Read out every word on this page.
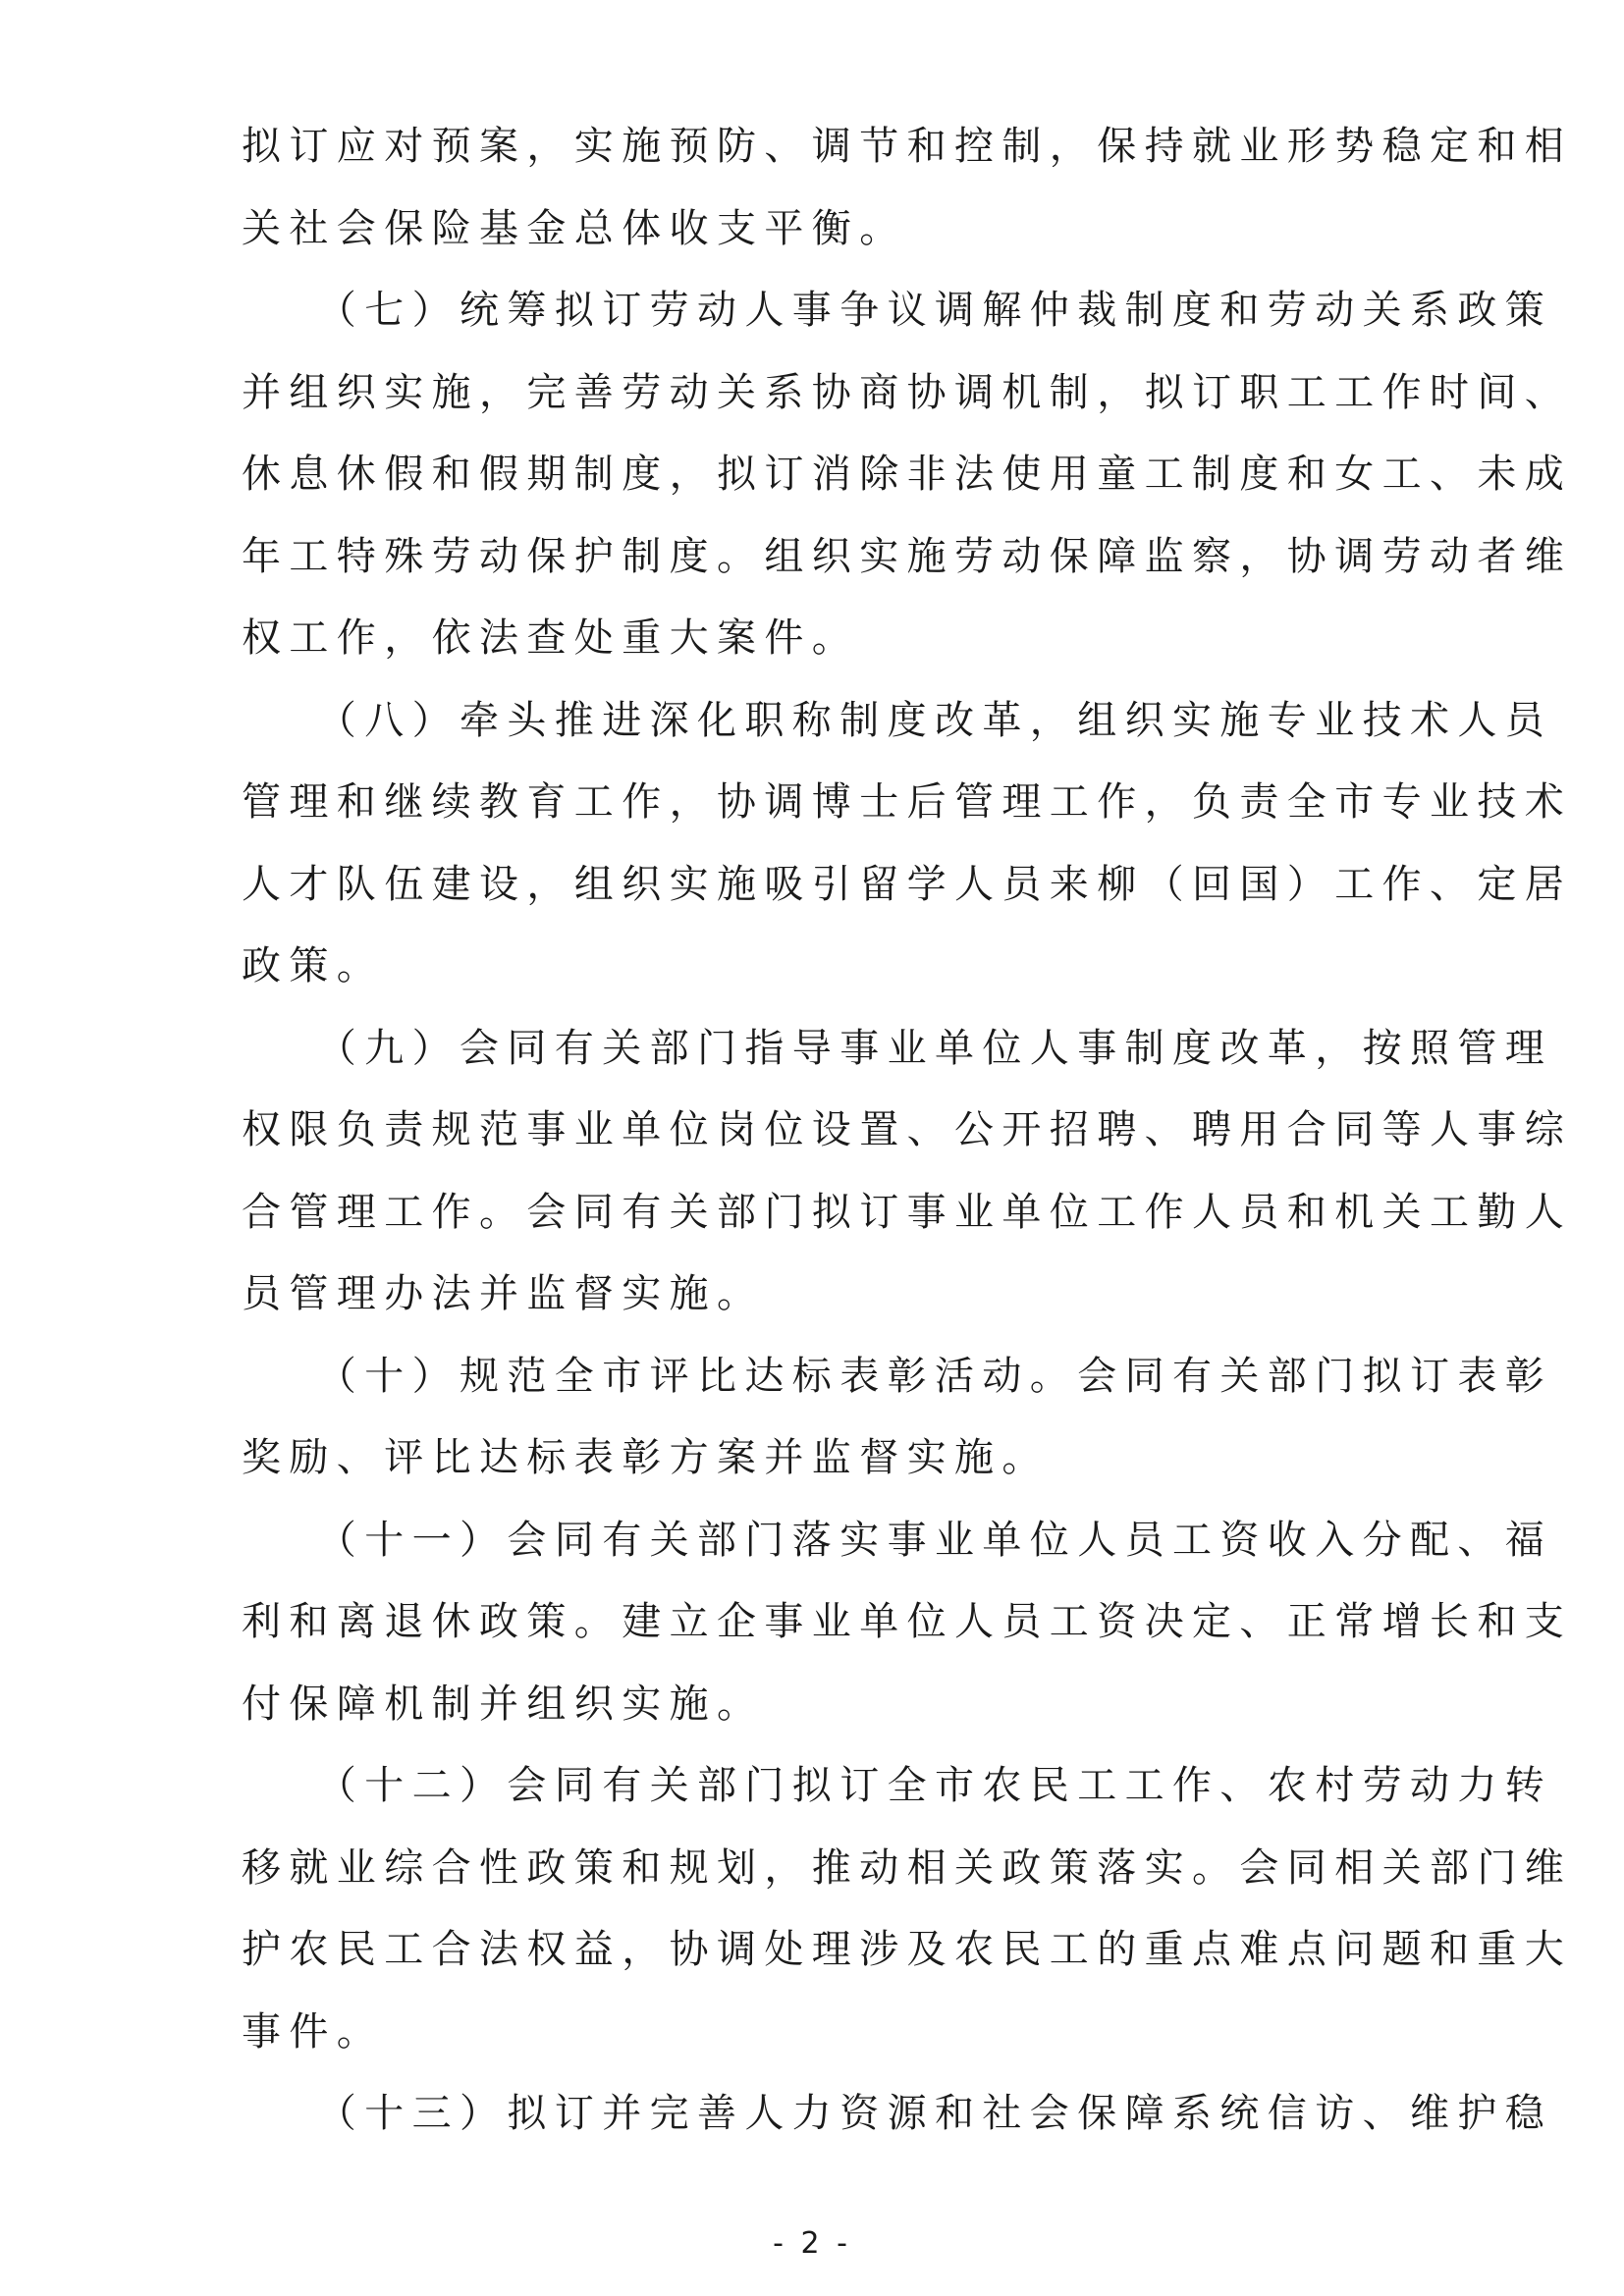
拟订应对预案，实施预防、调节和控制，保持就业形势稳定和相
关社会保险基金总体收支平衡。
　　（七）统筹拟订劳动人事争议调解仲裁制度和劳动关系政策
并组织实施，完善劳动关系协商协调机制，拟订职工工作时间、
休息休假和假期制度，拟订消除非法使用童工制度和女工、未成
年工特殊劳动保护制度。组织实施劳动保障监察，协调劳动者维
权工作，依法查处重大案件。
　　（八）牵头推进深化职称制度改革，组织实施专业技术人员
管理和继续教育工作，协调博士后管理工作，负责全市专业技术
人才队伍建设，组织实施吸引留学人员来柳（回国）工作、定居
政策。
　　（九）会同有关部门指导事业单位人事制度改革，按照管理
权限负责规范事业单位岗位设置、公开招聘、聘用合同等人事综
合管理工作。会同有关部门拟订事业单位工作人员和机关工勤人
员管理办法并监督实施。
　　（十）规范全市评比达标表彰活动。会同有关部门拟订表彰
奖励、评比达标表彰方案并监督实施。
　　（十一）会同有关部门落实事业单位人员工资收入分配、福
利和离退休政策。建立企事业单位人员工资决定、正常增长和支
付保障机制并组织实施。
　　（十二）会同有关部门拟订全市农民工工作、农村劳动力转
移就业综合性政策和规划，推动相关政策落实。会同相关部门维
护农民工合法权益，协调处理涉及农民工的重点难点问题和重大
事件。
　　（十三）拟订并完善人力资源和社会保障系统信访、维护稳
- 2 -
